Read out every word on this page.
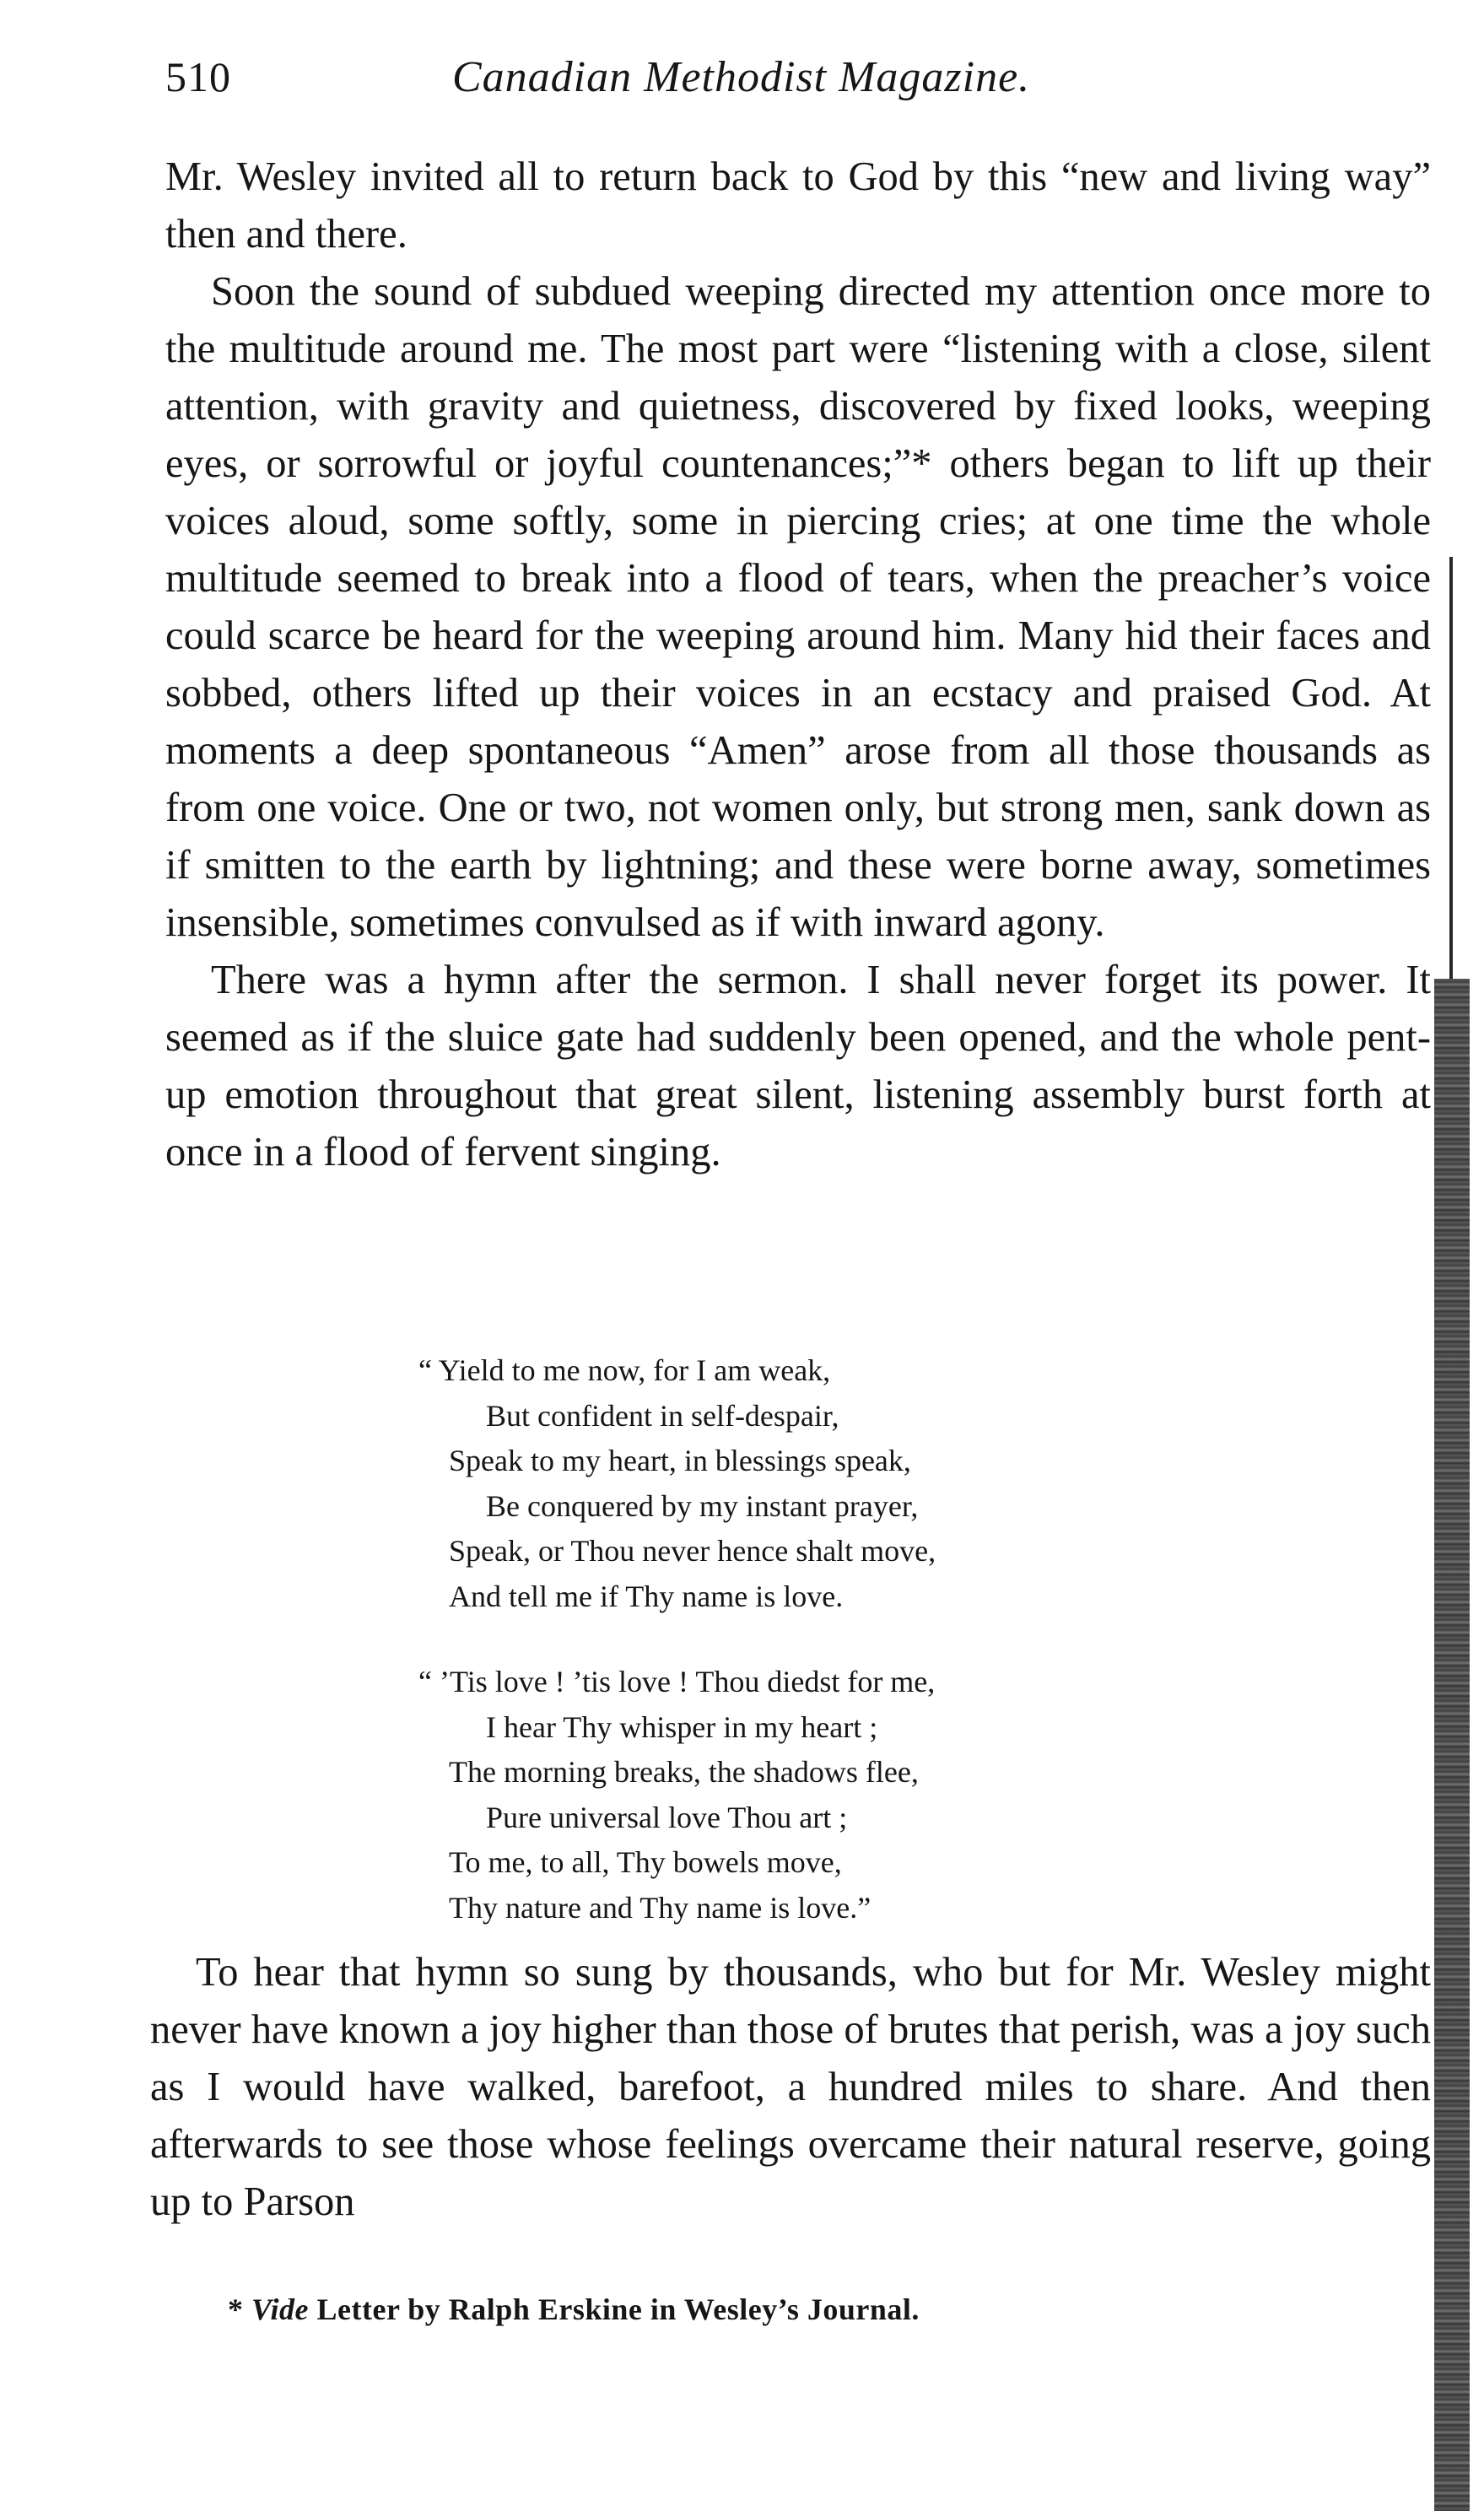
510	Canadian Methodist Magazine.

Mr. Wesley invited all to return back to God by this “new and living way” then and there.

Soon the sound of subdued weeping directed my attention once more to the multitude around me. The most part were “listening with a close, silent attention, with gravity and quietness, discovered by fixed looks, weeping eyes, or sorrowful or joyful countenances;”* others began to lift up their voices aloud, some softly, some in piercing cries; at one time the whole multitude seemed to break into a flood of tears, when the preacher’s voice could scarce be heard for the weeping around him. Many hid their faces and sobbed, others lifted up their voices in an ecstacy and praised God. At moments a deep spontaneous “Amen” arose from all those thousands as from one voice. One or two, not women only, but strong men, sank down as if smitten to the earth by lightning; and these were borne away, sometimes insensible, sometimes convulsed as if with inward agony.

There was a hymn after the sermon. I shall never forget its power. It seemed as if the sluice gate had suddenly been opened, and the whole pent-up emotion throughout that great silent, listening assembly burst forth at once in a flood of fervent singing.

“ Yield to me now, for I am weak,

But confident in self-despair,

Speak to my heart, in blessings speak,

Be conquered by my instant prayer,

Speak, or Thou never hence shalt move,

And tell me if Thy name is love.

“ ’Tis love ! ’tis love ! Thou diedst for me,

I hear Thy whisper in my heart ;

The morning breaks, the shadows flee,

Pure universal love Thou art ;

To me, to all, Thy bowels move,

Thy nature and Thy name is love.”

To hear that hymn so sung by thousands, who but for Mr. Wesley might never have known a joy higher than those of brutes that perish, was a joy such as I would have walked, barefoot, a hundred miles to share. And then afterwards to see those whose feelings overcame their natural reserve, going up to Parson

* Vide Letter by Ralph Erskine in Wesley’s Journal.
